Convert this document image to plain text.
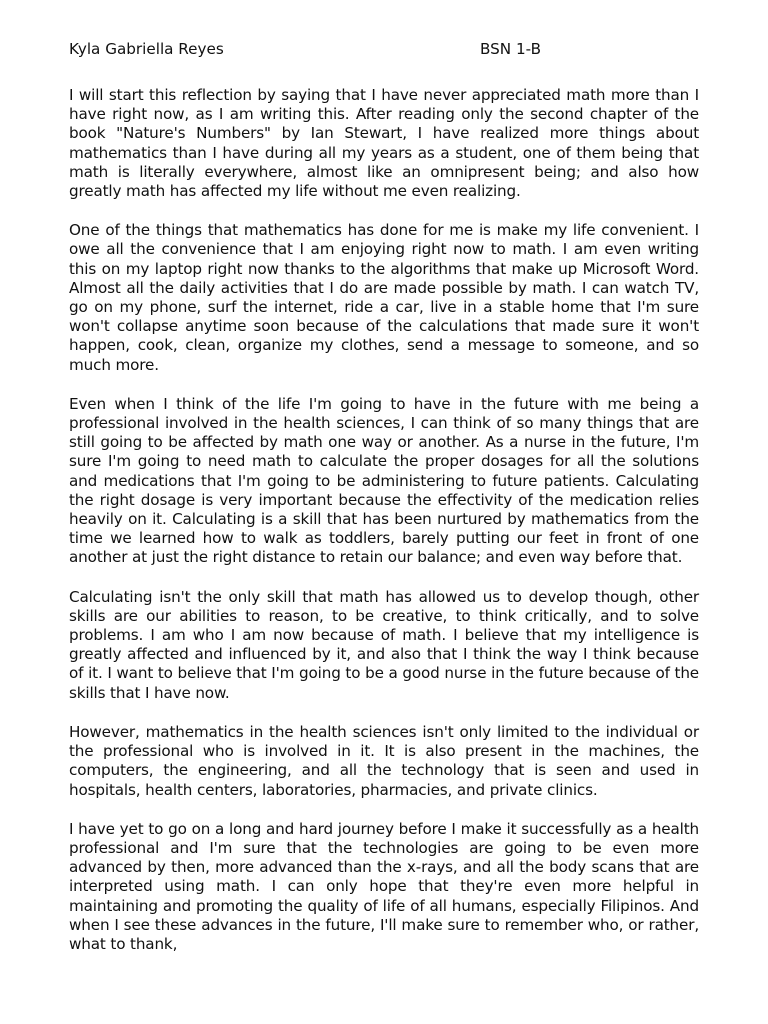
Kyla Gabriella Reyes	BSN 1-B

I will start this reflection by saying that I have never appreciated math more than I have right now, as I am writing this. After reading only the second chapter of the book "Nature's Numbers" by Ian Stewart, I have realized more things about mathematics than I have during all my years as a student, one of them being that math is literally everywhere, almost like an omnipresent being; and also how greatly math has affected my life without me even realizing.

One of the things that mathematics has done for me is make my life convenient. I owe all the convenience that I am enjoying right now to math. I am even writing this on my laptop right now thanks to the algorithms that make up Microsoft Word. Almost all the daily activities that I do are made possible by math. I can watch TV, go on my phone, surf the internet, ride a car, live in a stable home that I'm sure won't collapse anytime soon because of the calculations that made sure it won't happen, cook, clean, organize my clothes, send a message to someone, and so much more.

Even when I think of the life I'm going to have in the future with me being a professional involved in the health sciences, I can think of so many things that are still going to be affected by math one way or another. As a nurse in the future, I'm sure I'm going to need math to calculate the proper dosages for all the solutions and medications that I'm going to be administering to future patients. Calculating the right dosage is very important because the effectivity of the medication relies heavily on it. Calculating is a skill that has been nurtured by mathematics from the time we learned how to walk as toddlers, barely putting our feet in front of one another at just the right distance to retain our balance; and even way before that.

Calculating isn't the only skill that math has allowed us to develop though, other skills are our abilities to reason, to be creative, to think critically, and to solve problems. I am who I am now because of math. I believe that my intelligence is greatly affected and influenced by it, and also that I think the way I think because of it. I want to believe that I'm going to be a good nurse in the future because of the skills that I have now.

However, mathematics in the health sciences isn't only limited to the individual or the professional who is involved in it. It is also present in the machines, the computers, the engineering, and all the technology that is seen and used in hospitals, health centers, laboratories, pharmacies, and private clinics.

I have yet to go on a long and hard journey before I make it successfully as a health professional and I'm sure that the technologies are going to be even more advanced by then, more advanced than the x-rays, and all the body scans that are interpreted using math. I can only hope that they're even more helpful in maintaining and promoting the quality of life of all humans, especially Filipinos. And when I see these advances in the future, I'll make sure to remember who, or rather, what to thank,
